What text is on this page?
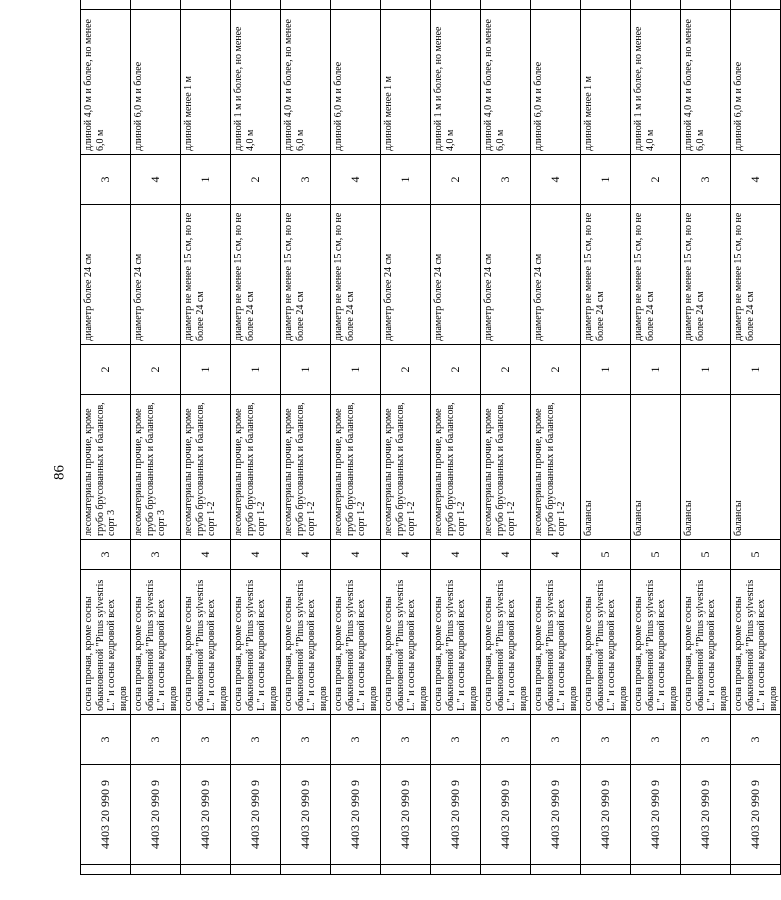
86
	4403 20 990 9	3	сосна прочая, кроме сосны обыкновенной "Pinus sylvestris L." и сосны кедровой всех видов	3	лесоматериалы прочие, кроме грубо брусованных и балансов, сорт 3	2	диаметр более 24 см	3	длиной 4,0 м и более, но менее 6,0 м	
	4403 20 990 9	3	сосна прочая, кроме сосны обыкновенной "Pinus sylvestris L." и сосны кедровой всех видов	3	лесоматериалы прочие, кроме грубо брусованных и балансов, сорт 3	2	диаметр более 24 см	4	длиной 6,0 м и более	
	4403 20 990 9	3	сосна прочая, кроме сосны обыкновенной "Pinus sylvestris L." и сосны кедровой всех видов	4	лесоматериалы прочие, кроме грубо брусованных и балансов, сорт 1-2	1	диаметр не менее 15 см, но не более 24 см	1	длиной менее 1 м	
	4403 20 990 9	3	сосна прочая, кроме сосны обыкновенной "Pinus sylvestris L." и сосны кедровой всех видов	4	лесоматериалы прочие, кроме грубо брусованных и балансов, сорт 1-2	1	диаметр не менее 15 см, но не более 24 см	2	длиной 1 м и более, но менее 4,0 м	
	4403 20 990 9	3	сосна прочая, кроме сосны обыкновенной "Pinus sylvestris L." и сосны кедровой всех видов	4	лесоматериалы прочие, кроме грубо брусованных и балансов, сорт 1-2	1	диаметр не менее 15 см, но не более 24 см	3	длиной 4,0 м и более, но менее 6,0 м	
	4403 20 990 9	3	сосна прочая, кроме сосны обыкновенной "Pinus sylvestris L." и сосны кедровой всех видов	4	лесоматериалы прочие, кроме грубо брусованных и балансов, сорт 1-2	1	диаметр не менее 15 см, но не более 24 см	4	длиной 6,0 м и более	
	4403 20 990 9	3	сосна прочая, кроме сосны обыкновенной "Pinus sylvestris L." и сосны кедровой всех видов	4	лесоматериалы прочие, кроме грубо брусованных и балансов, сорт 1-2	2	диаметр более 24 см	1	длиной менее 1 м	
	4403 20 990 9	3	сосна прочая, кроме сосны обыкновенной "Pinus sylvestris L." и сосны кедровой всех видов	4	лесоматериалы прочие, кроме грубо брусованных и балансов, сорт 1-2	2	диаметр более 24 см	2	длиной 1 м и более, но менее 4,0 м	
	4403 20 990 9	3	сосна прочая, кроме сосны обыкновенной "Pinus sylvestris L." и сосны кедровой всех видов	4	лесоматериалы прочие, кроме грубо брусованных и балансов, сорт 1-2	2	диаметр более 24 см	3	длиной 4,0 м и более, но менее 6,0 м	
	4403 20 990 9	3	сосна прочая, кроме сосны обыкновенной "Pinus sylvestris L." и сосны кедровой всех видов	4	лесоматериалы прочие, кроме грубо брусованных и балансов, сорт 1-2	2	диаметр более 24 см	4	длиной 6,0 м и более	
	4403 20 990 9	3	сосна прочая, кроме сосны обыкновенной "Pinus sylvestris L." и сосны кедровой всех видов	5	балансы	1	диаметр не менее 15 см, но не более 24 см	1	длиной менее 1 м	
	4403 20 990 9	3	сосна прочая, кроме сосны обыкновенной "Pinus sylvestris L." и сосны кедровой всех видов	5	балансы	1	диаметр не менее 15 см, но не более 24 см	2	длиной 1 м и более, но менее 4,0 м	
	4403 20 990 9	3	сосна прочая, кроме сосны обыкновенной "Pinus sylvestris L." и сосны кедровой всех видов	5	балансы	1	диаметр не менее 15 см, но не более 24 см	3	длиной 4,0 м и более, но менее 6,0 м	
	4403 20 990 9	3	сосна прочая, кроме сосны обыкновенной "Pinus sylvestris L." и сосны кедровой всех видов	5	балансы	1	диаметр не менее 15 см, но не более 24 см	4	длиной 6,0 м и более	
